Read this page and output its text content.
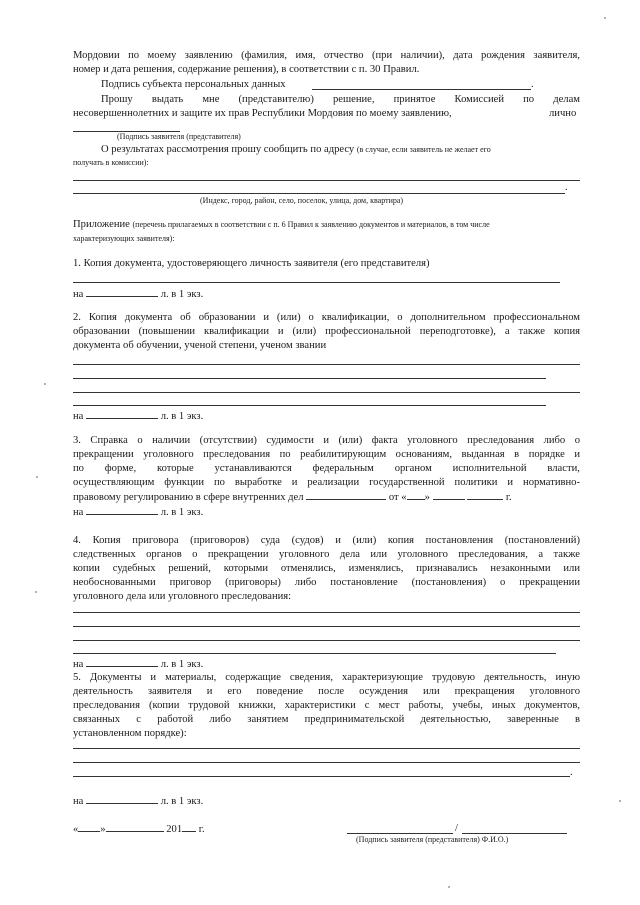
Мордовии по моему заявлению (фамилия, имя, отчество (при наличии), дата рождения заявителя,
номер и дата решения, содержание решения), в соответствии с п. 30 Правил.
Подпись субъекта персональных данных	.
Прошу выдать мне (представителю) решение, принятое Комиссией по делам
несовершеннолетних и защите их прав Республики Мордовия по моему заявлению,	лично
(Подпись заявителя (представителя)
О результатах рассмотрения прошу сообщить по адресу (в случае, если заявитель не желает его
получать в комиссии):
.
(Индекс, город, район, село, поселок, улица, дом, квартира)
Приложение (перечень прилагаемых в соответствии с п. 6 Правил к заявлению документов и материалов, в том числе
характеризующих заявителя):
1. Копия документа, удостоверяющего личность заявителя (его представителя)
на	л. в 1 экз.
2. Копия документа об образовании и (или) о квалификации, о дополнительном профессиональном
образовании (повышении квалификации и (или) профессиональной переподготовке), а также копия
документа об обучении, ученой степени, ученом звании
на	л. в 1 экз.
3. Справка о наличии (отсутствии) судимости и (или) факта уголовного преследования либо о
прекращении уголовного преследования по реабилитирующим основаниям, выданная в порядке и
по форме, которые устанавливаются федеральным органом исполнительной власти,
осуществляющим функции по выработке и реализации государственной политики и нормативно-
правовому регулированию в сфере внутренних дел	от « »	г.
на	л. в 1 экз.
4. Копия приговора (приговоров) суда (судов) и (или) копия постановления (постановлений)
следственных органов о прекращении уголовного дела или уголовного преследования, а также
копии судебных решений, которыми отменялись, изменялись, признавались незаконными или
необоснованными приговор (приговоры) либо постановление (постановления) о прекращении
уголовного дела или уголовного преследования:
на	л. в 1 экз.
5. Документы и материалы, содержащие сведения, характеризующие трудовую деятельность, иную
деятельность заявителя и его поведение после осуждения или прекращения уголовного
преследования (копии трудовой книжки, характеристики с мест работы, учебы, иных документов,
связанных с работой либо занятием предпринимательской деятельностью, заверенные в
установленном порядке):
.
на	л. в 1 экз.
« »	201 г.	/
(Подпись заявителя (представителя) Ф.И.О.)
